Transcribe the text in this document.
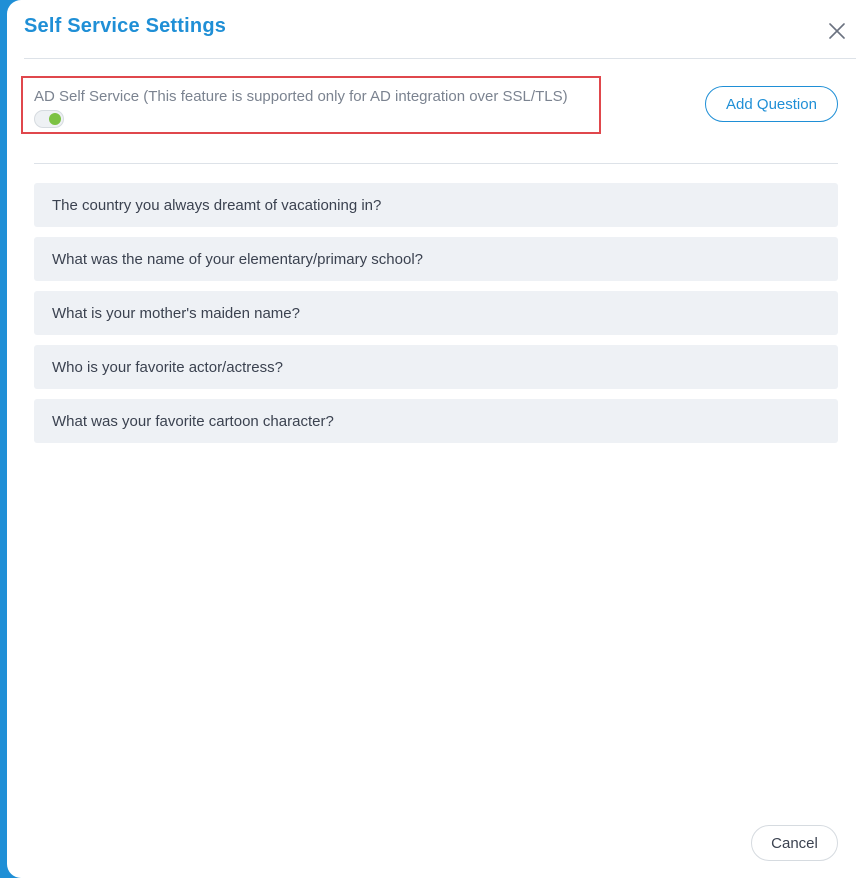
Self Service Settings
AD Self Service (This feature is supported only for AD integration over SSL/TLS)	Add Question
The country you always dreamt of vacationing in?
What was the name of your elementary/primary school?
What is your mother's maiden name?
Who is your favorite actor/actress?
What was your favorite cartoon character?
Cancel
